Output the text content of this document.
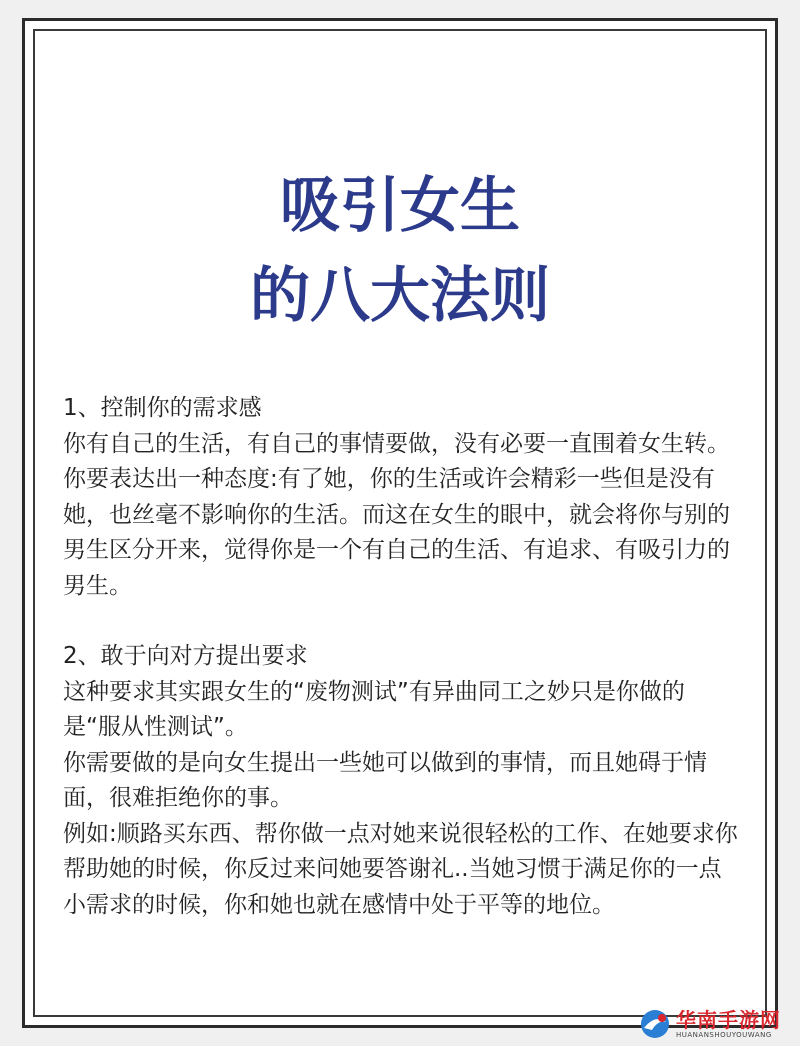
吸引女生
的八大法则

1、控制你的需求感

你有自己的生活，有自己的事情要做，没有必要一直围着女生转。你要表达出一种态度:有了她，你的生活或许会精彩一些但是没有她，也丝毫不影响你的生活。而这在女生的眼中，就会将你与别的男生区分开来，觉得你是一个有自己的生活、有追求、有吸引力的男生。

2、敢于向对方提出要求

这种要求其实跟女生的“废物测试”有异曲同工之妙只是你做的是“服从性测试”。

你需要做的是向女生提出一些她可以做到的事情，而且她碍于情面，很难拒绝你的事。

例如:顺路买东西、帮你做一点对她来说很轻松的工作、在她要求你帮助她的时候，你反过来问她要答谢礼..当她习惯于满足你的一点小需求的时候，你和她也就在感情中处于平等的地位。

华南手游网
HUANANSHOUYOUWANG
